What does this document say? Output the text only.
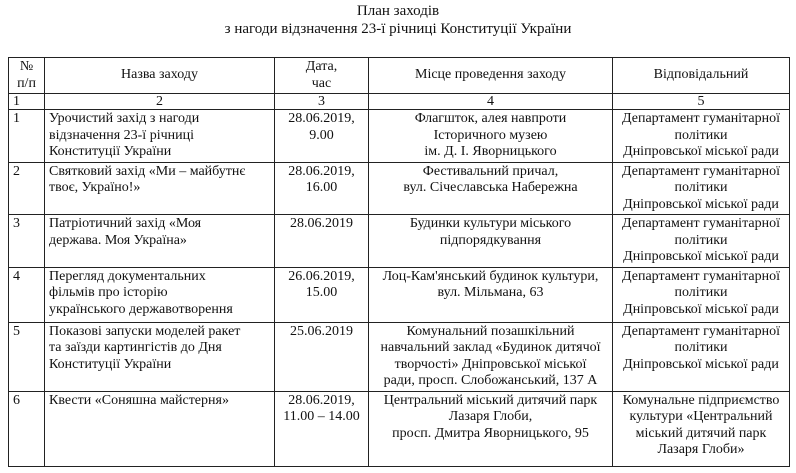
План заходів
з нагоди відзначення 23-ї річниці Конституції України
№
п/п	Назва заходу	Дата,
час	Місце проведення заходу	Відповідальний
1	2	3	4	5
1	Урочистий захід з нагоди
відзначення 23-ї річниці
Конституції України	28.06.2019,
9.00	Флагшток, алея навпроти
Історичного музею
ім. Д. І. Яворницького	Департамент гуманітарної
політики
Дніпровської міської ради
2	Святковий захід «Ми – майбутнє
твоє, Україно!»	28.06.2019,
16.00	Фестивальний причал,
вул. Січеславська Набережна	Департамент гуманітарної
політики
Дніпровської міської ради
3	Патріотичний захід «Моя
держава. Моя Україна»	28.06.2019	Будинки культури міського
підпорядкування	Департамент гуманітарної
політики
Дніпровської міської ради
4	Перегляд документальних
фільмів про історію
українського державотворення	26.06.2019,
15.00	Лоц-Кам'янський будинок культури,
вул. Мільмана, 63	Департамент гуманітарної
політики
Дніпровської міської ради
5	Показові запуски моделей ракет
та заїзди картингістів до Дня
Конституції України	25.06.2019	Комунальний позашкільний
навчальний заклад «Будинок дитячої
творчості» Дніпровської міської
ради, просп. Слобожанський, 137 А	Департамент гуманітарної
політики
Дніпровської міської ради
6	Квести «Соняшна майстерня»	28.06.2019,
11.00 – 14.00	Центральний міський дитячий парк
Лазаря Глоби,
просп. Дмитра Яворницького, 95	Комунальне підприємство
культури «Центральний
міський дитячий парк
Лазаря Глоби»
